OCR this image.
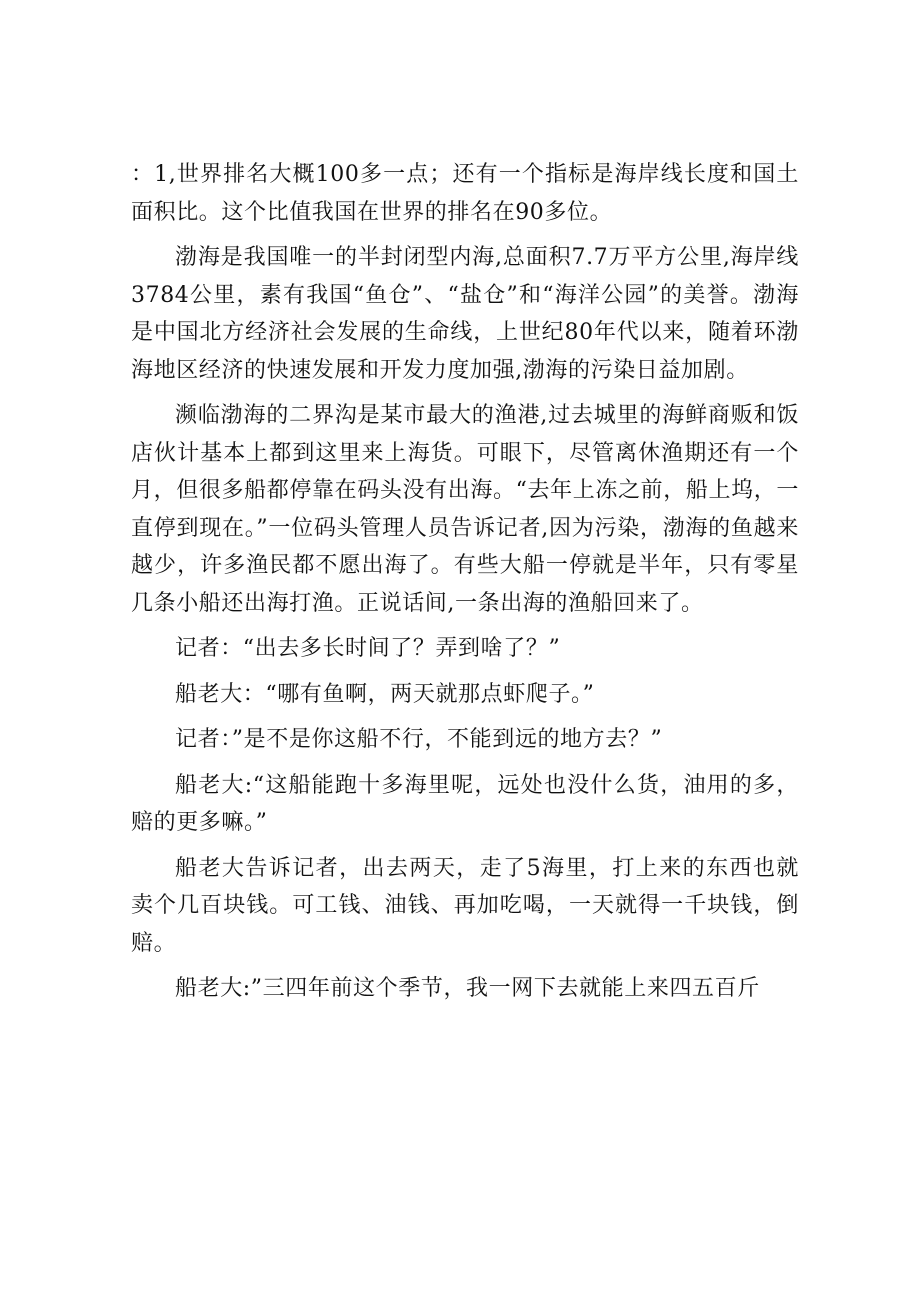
：1,世界排名大概100多一点；还有一个指标是海岸线长度和国土面积比。这个比值我国在世界的排名在90多位。

渤海是我国唯一的半封闭型内海,总面积7.7万平方公里,海岸线3784公里，素有我国“鱼仓”、“盐仓”和“海洋公园”的美誉。渤海是中国北方经济社会发展的生命线，上世纪80年代以来，随着环渤海地区经济的快速发展和开发力度加强,渤海的污染日益加剧。

濒临渤海的二界沟是某市最大的渔港,过去城里的海鲜商贩和饭店伙计基本上都到这里来上海货。可眼下，尽管离休渔期还有一个月，但很多船都停靠在码头没有出海。“去年上冻之前，船上坞，一直停到现在。”一位码头管理人员告诉记者,因为污染，渤海的鱼越来越少，许多渔民都不愿出海了。有些大船一停就是半年，只有零星几条小船还出海打渔。正说话间,一条出海的渔船回来了。

记者：“出去多长时间了？弄到啥了？”

船老大：“哪有鱼啊，两天就那点虾爬子。”

记者：”是不是你这船不行，不能到远的地方去？”

船老大:“这船能跑十多海里呢，远处也没什么货，油用的多，赔的更多嘛。”

船老大告诉记者，出去两天，走了5海里，打上来的东西也就卖个几百块钱。可工钱、油钱、再加吃喝，一天就得一千块钱，倒赔。

船老大:”三四年前这个季节，我一网下去就能上来四五百斤
